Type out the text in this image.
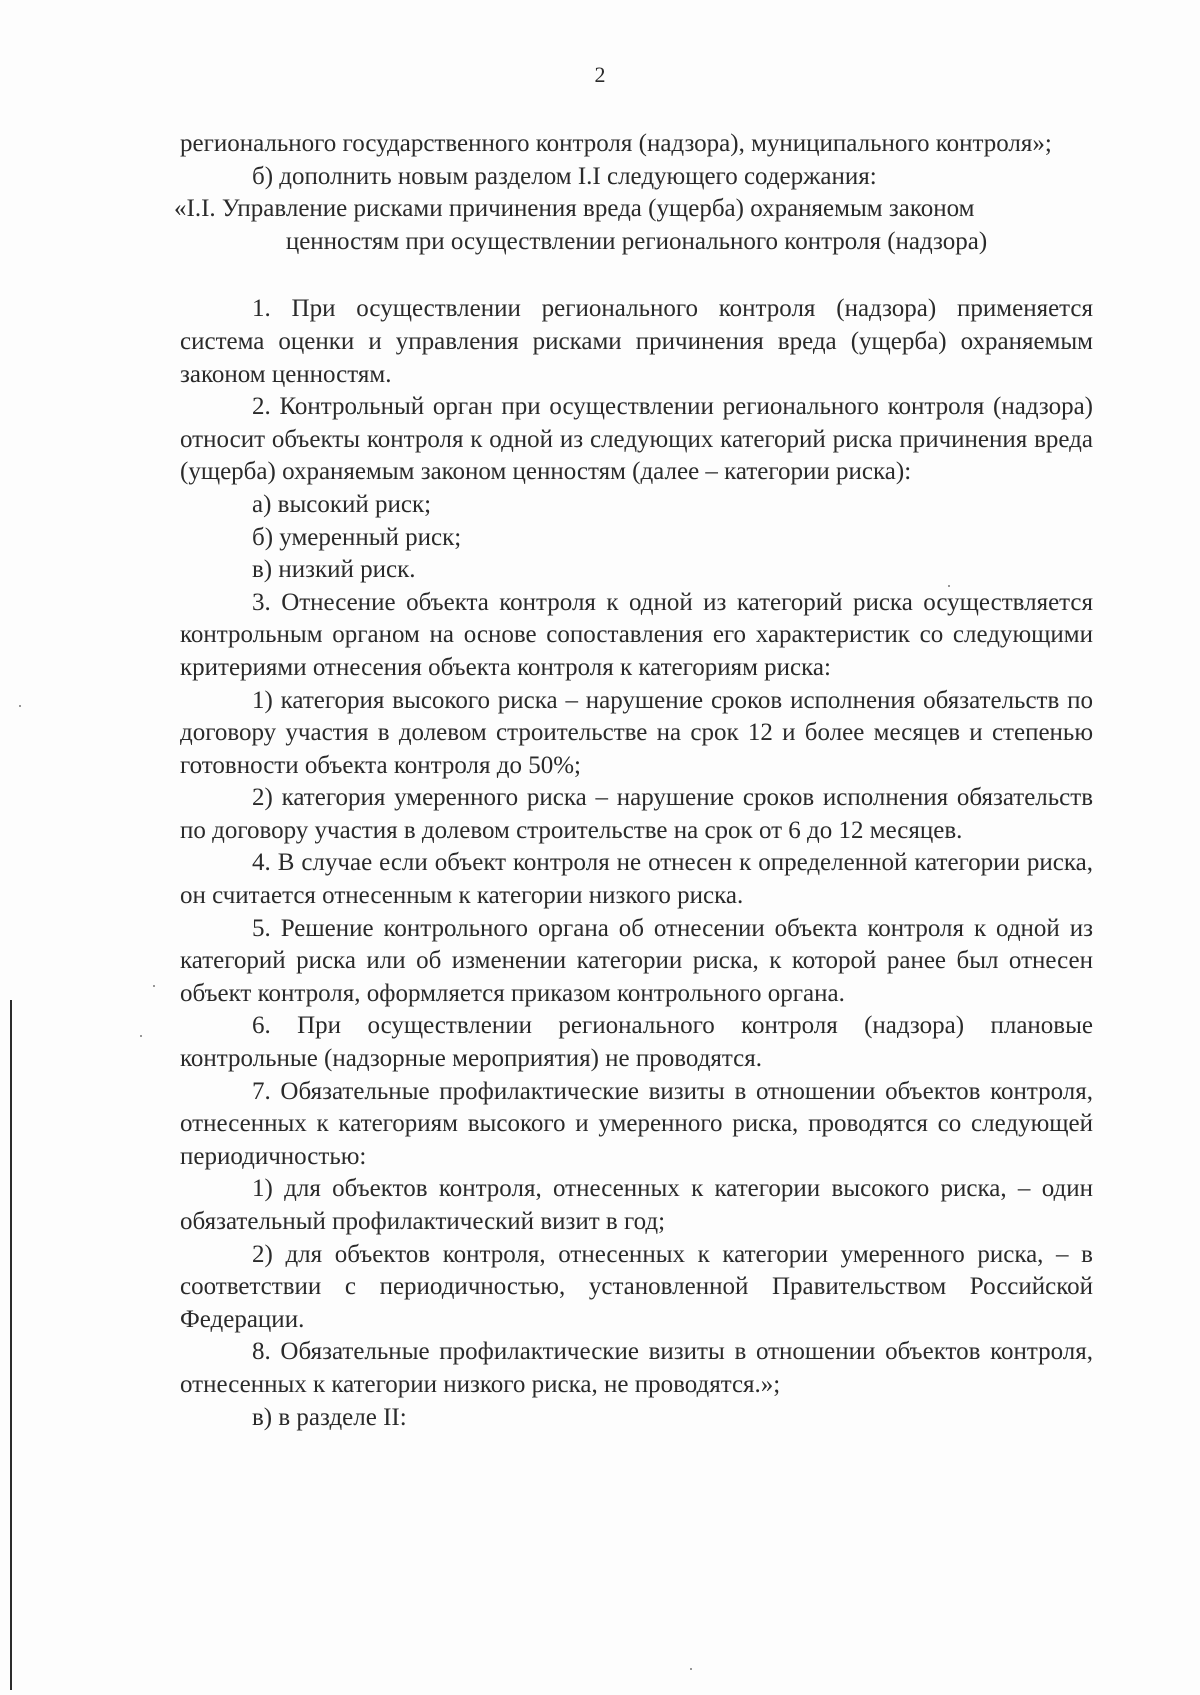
2

регионального государственного контроля (надзора), муниципального контроля»;

б) дополнить новым разделом I.I следующего содержания:

«I.I. Управление рисками причинения вреда (ущерба) охраняемым законом

ценностям при осуществлении регионального контроля (надзора)

1. При осуществлении регионального контроля (надзора) применяется система оценки и управления рисками причинения вреда (ущерба) охраняемым законом ценностям.

2. Контрольный орган при осуществлении регионального контроля (надзора) относит объекты контроля к одной из следующих категорий риска причинения вреда (ущерба) охраняемым законом ценностям (далее – категории риска):

а) высокий риск;

б) умеренный риск;

в) низкий риск.

3. Отнесение объекта контроля к одной из категорий риска осуществляется контрольным органом на основе сопоставления его характеристик со следующими критериями отнесения объекта контроля к категориям риска:

1) категория высокого риска – нарушение сроков исполнения обязательств по договору участия в долевом строительстве на срок 12 и более месяцев и степенью готовности объекта контроля до 50%;

2) категория умеренного риска – нарушение сроков исполнения обязательств по договору участия в долевом строительстве на срок от 6 до 12 месяцев.

4. В случае если объект контроля не отнесен к определенной категории риска, он считается отнесенным к категории низкого риска.

5. Решение контрольного органа об отнесении объекта контроля к одной из категорий риска или об изменении категории риска, к которой ранее был отнесен объект контроля, оформляется приказом контрольного органа.

6. При осуществлении регионального контроля (надзора) плановые контрольные (надзорные мероприятия) не проводятся.

7. Обязательные профилактические визиты в отношении объектов контроля, отнесенных к категориям высокого и умеренного риска, проводятся со следующей периодичностью:

1) для объектов контроля, отнесенных к категории высокого риска, – один обязательный профилактический визит в год;

2) для объектов контроля, отнесенных к категории умеренного риска, – в соответствии с периодичностью, установленной Правительством Российской Федерации.

8. Обязательные профилактические визиты в отношении объектов контроля, отнесенных к категории низкого риска, не проводятся.»;

в) в разделе II:
